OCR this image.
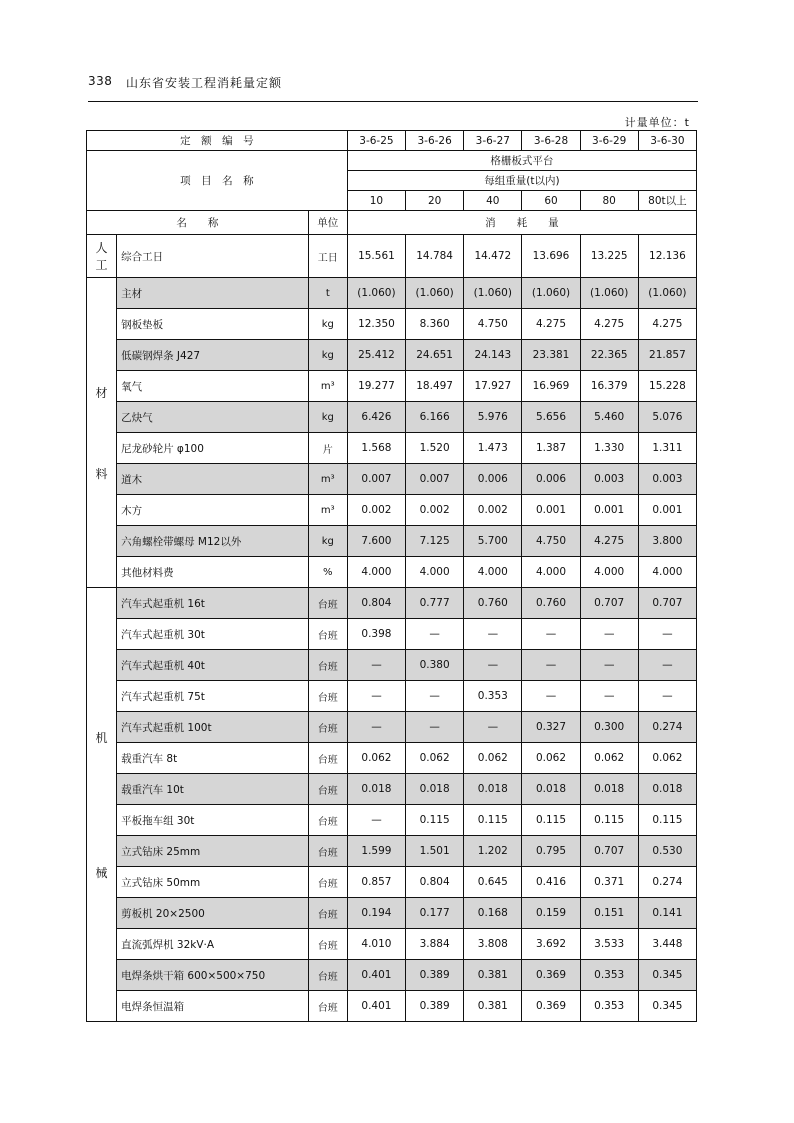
338 山东省安装工程消耗量定额
计量单位：t
定　额　编　号			3-6-25	3-6-26	3-6-27	3-6-28	3-6-29	3-6-30
项　目　名　称			格栅板式平台					
			每组重量(t以内)					
			10	20	40	60	80	80t以上
名　　称		单位	消　　耗　　量					

人
工	综合工日	工日	15.561	14.784	14.472	13.696	13.225	12.136

材
料	主材	t	(1.060)	(1.060)	(1.060)	(1.060)	(1.060)	(1.060)
	钢板垫板	kg	12.350	8.360	4.750	4.275	4.275	4.275
	低碳钢焊条 J427	kg	25.412	24.651	24.143	23.381	22.365	21.857
	氧气	m³	19.277	18.497	17.927	16.969	16.379	15.228
	乙炔气	kg	6.426	6.166	5.976	5.656	5.460	5.076
	尼龙砂轮片 φ100	片	1.568	1.520	1.473	1.387	1.330	1.311
	道木	m³	0.007	0.007	0.006	0.006	0.003	0.003
	木方	m³	0.002	0.002	0.002	0.001	0.001	0.001
	六角螺栓带螺母 M12以外	kg	7.600	7.125	5.700	4.750	4.275	3.800
	其他材料费	%	4.000	4.000	4.000	4.000	4.000	4.000

机
械	汽车式起重机 16t	台班	0.804	0.777	0.760	0.760	0.707	0.707
	汽车式起重机 30t	台班	0.398	—	—	—	—	—
	汽车式起重机 40t	台班	—	0.380	—	—	—	—
	汽车式起重机 75t	台班	—	—	0.353	—	—	—
	汽车式起重机 100t	台班	—	—	—	0.327	0.300	0.274
	载重汽车 8t	台班	0.062	0.062	0.062	0.062	0.062	0.062
	载重汽车 10t	台班	0.018	0.018	0.018	0.018	0.018	0.018
	平板拖车组 30t	台班	—	0.115	0.115	0.115	0.115	0.115
	立式钻床 25mm	台班	1.599	1.501	1.202	0.795	0.707	0.530
	立式钻床 50mm	台班	0.857	0.804	0.645	0.416	0.371	0.274
	剪板机 20×2500	台班	0.194	0.177	0.168	0.159	0.151	0.141
	直流弧焊机 32kV·A	台班	4.010	3.884	3.808	3.692	3.533	3.448
	电焊条烘干箱 600×500×750	台班	0.401	0.389	0.381	0.369	0.353	0.345
	电焊条恒温箱	台班	0.401	0.389	0.381	0.369	0.353	0.345
